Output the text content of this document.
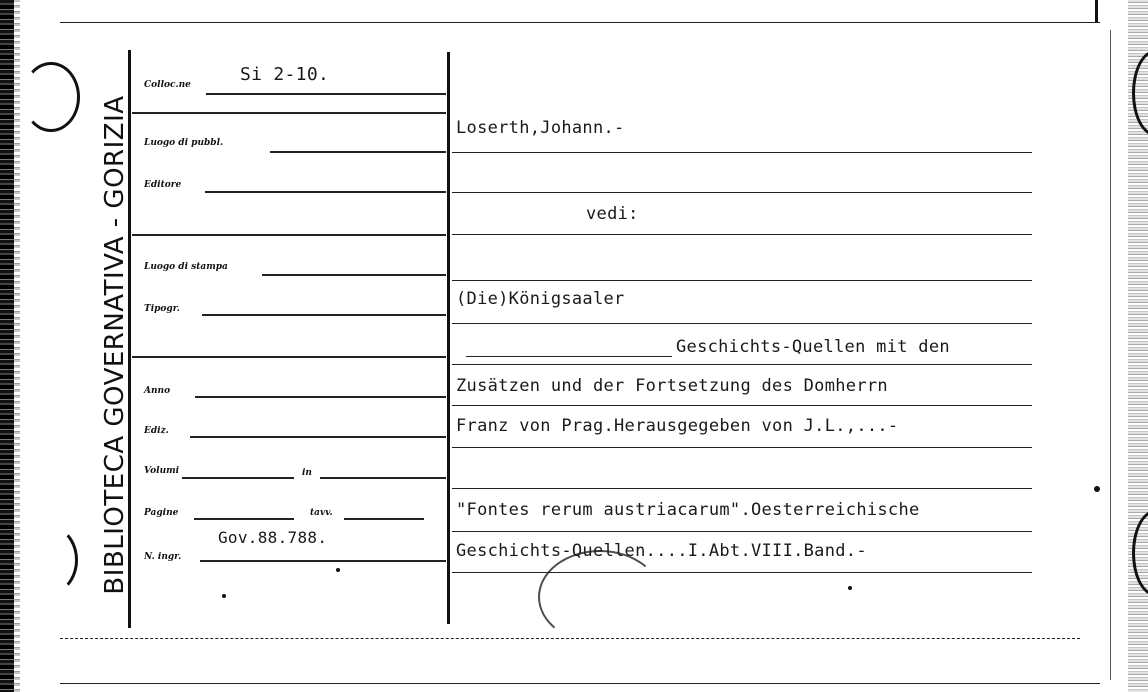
BIBLIOTECA GOVERNATIVA - GORIZIA
Colloc.ne	Si 2-10.
Luogo di pubbl.
Editore
Luogo di stampa
Tipogr.
Anno
Ediz.
Volumi	in
Pagine	tavv.
N. ingr.
Gov.88.788.
Loserth,Johann.-
vedi:
(Die)Königsaaler
Geschichts-Quellen mit den
Zusätzen und der Fortsetzung des Domherrn
Franz von Prag.Herausgegeben von J.L.,...-
"Fontes rerum austriacarum".Oesterreichische
Geschichts-Quellen....I.Abt.VIII.Band.-
